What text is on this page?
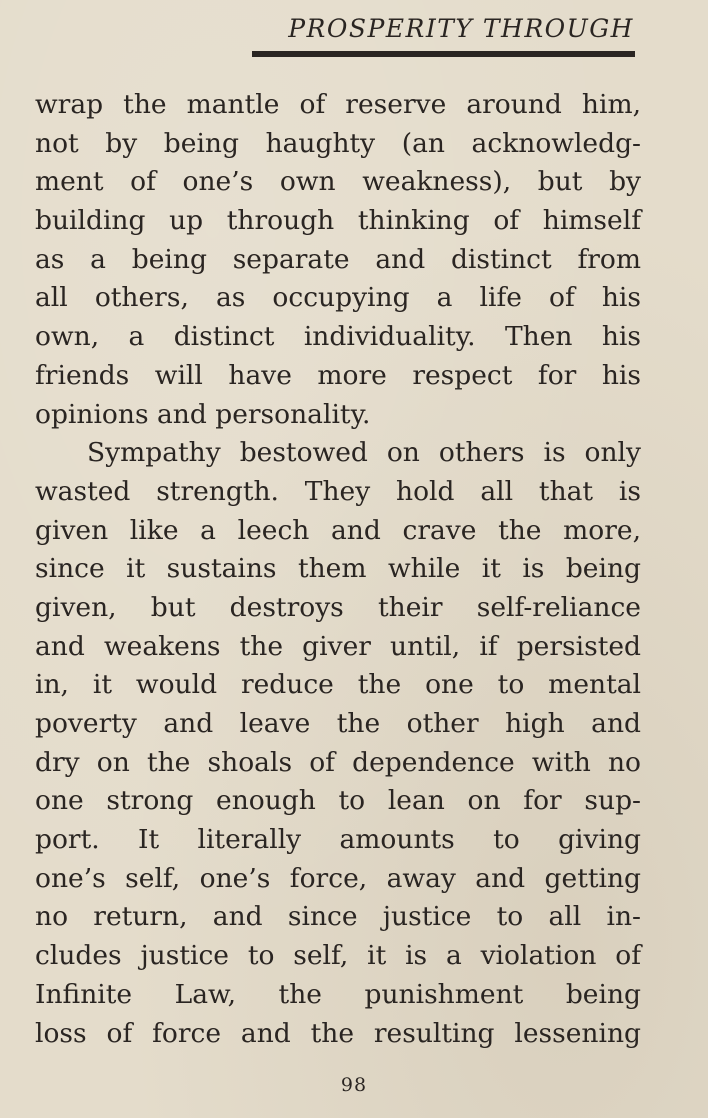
PROSPERITY THROUGH
wrap the mantle of reserve around him,
not by being haughty (an acknowledg-
ment of one’s own weakness), but by
building up through thinking of himself
as a being separate and distinct from
all others, as occupying a life of his
own, a distinct individuality. Then his
friends will have more respect for his
opinions and personality.
Sympathy bestowed on others is only
wasted strength. They hold all that is
given like a leech and crave the more,
since it sustains them while it is being
given, but destroys their self-reliance
and weakens the giver until, if persisted
in, it would reduce the one to mental
poverty and leave the other high and
dry on the shoals of dependence with no
one strong enough to lean on for sup-
port. It literally amounts to giving
one’s self, one’s force, away and getting
no return, and since justice to all in-
cludes justice to self, it is a violation of
Infinite Law, the punishment being
loss of force and the resulting lessening
98
